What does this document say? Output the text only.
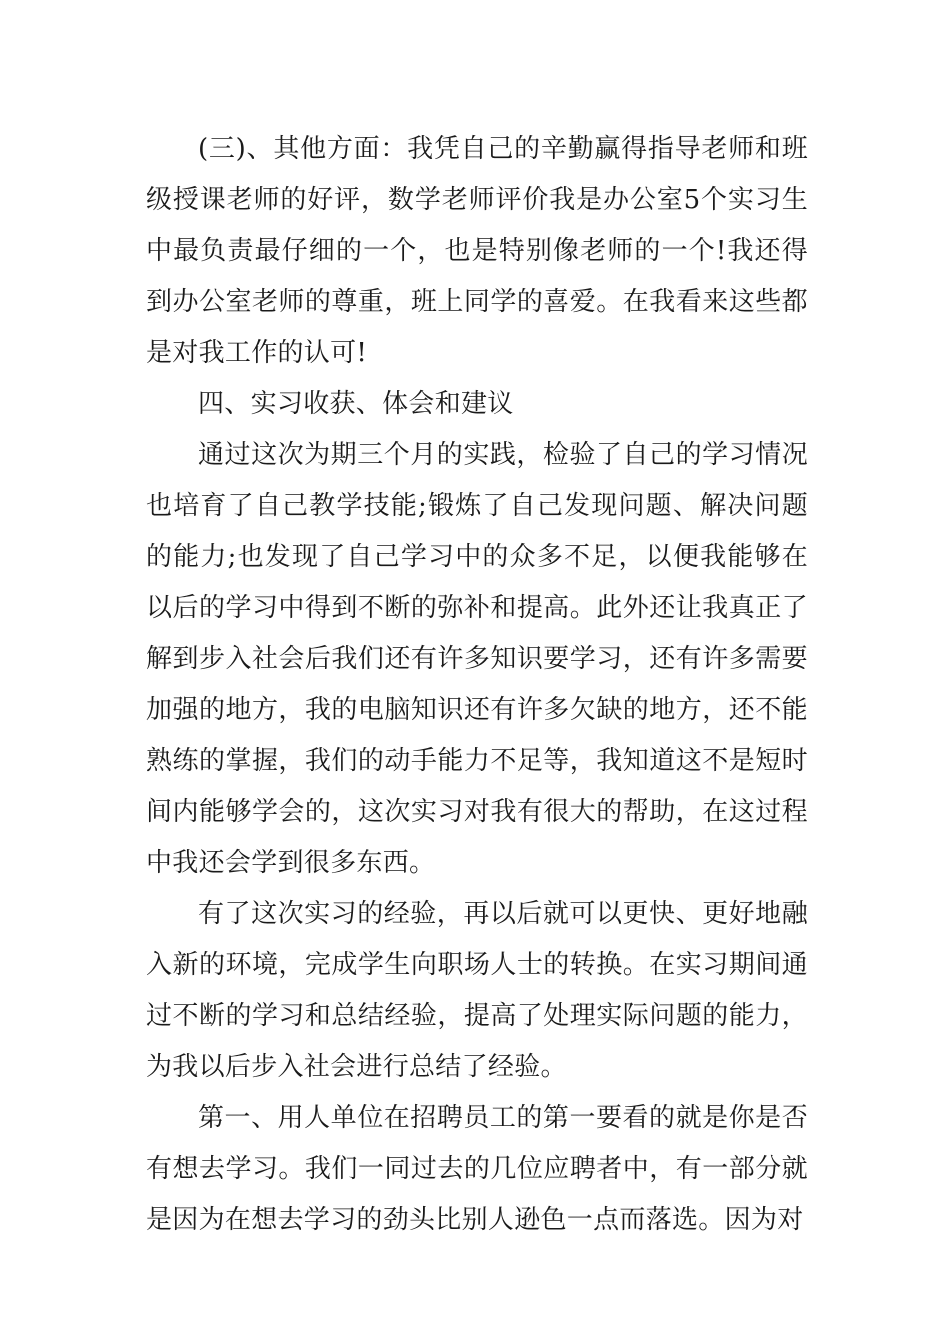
(三)、其他方面：我凭自己的辛勤赢得指导老师和班级授课老师的好评，数学老师评价我是办公室5个实习生中最负责最仔细的一个，也是特别像老师的一个!我还得到办公室老师的尊重，班上同学的喜爱。在我看来这些都是对我工作的认可!

四、实习收获、体会和建议

通过这次为期三个月的实践，检验了自己的学习情况也培育了自己教学技能;锻炼了自己发现问题、解决问题的能力;也发现了自己学习中的众多不足，以便我能够在以后的学习中得到不断的弥补和提高。此外还让我真正了解到步入社会后我们还有许多知识要学习，还有许多需要加强的地方，我的电脑知识还有许多欠缺的地方，还不能熟练的掌握，我们的动手能力不足等，我知道这不是短时间内能够学会的，这次实习对我有很大的帮助，在这过程中我还会学到很多东西。

有了这次实习的经验，再以后就可以更快、更好地融入新的环境，完成学生向职场人士的转换。在实习期间通过不断的学习和总结经验，提高了处理实际问题的能力，为我以后步入社会进行总结了经验。

第一、用人单位在招聘员工的第一要看的就是你是否有想去学习。我们一同过去的几位应聘者中，有一部分就是因为在想去学习的劲头比别人逊色一点而落选。因为对
